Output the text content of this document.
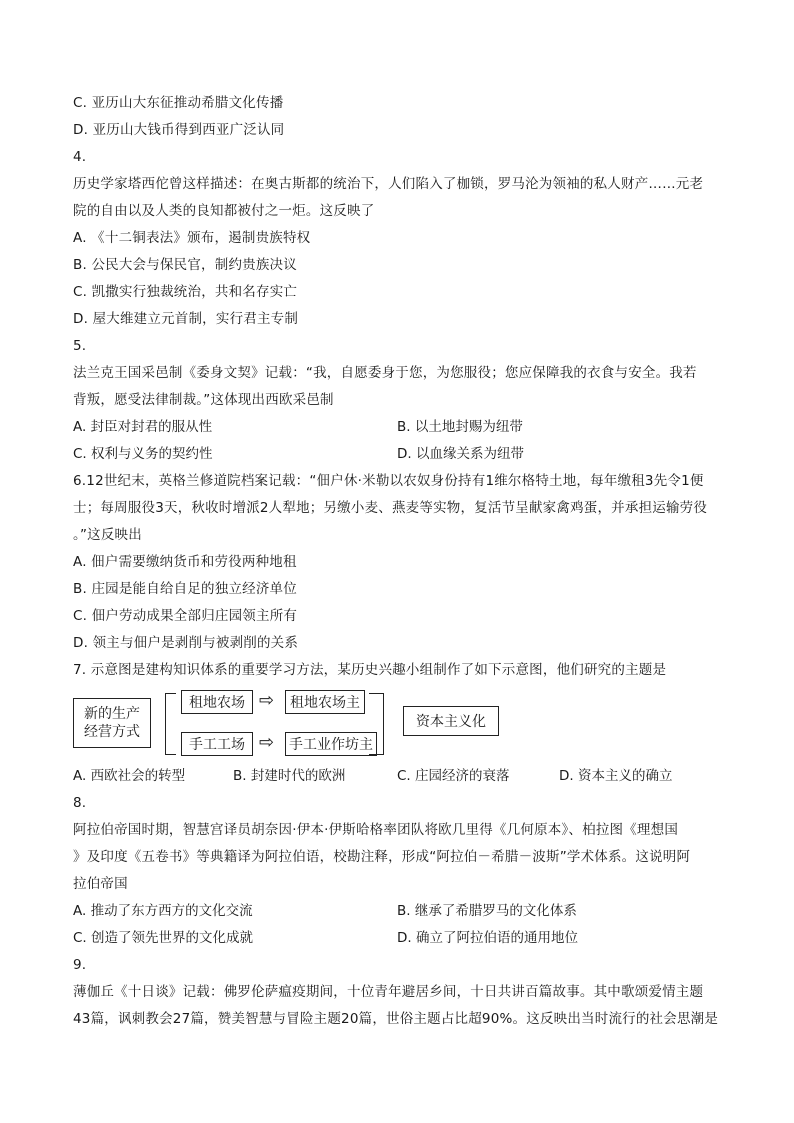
C. 亚历山大东征推动希腊文化传播
D. 亚历山大钱币得到西亚广泛认同
4.
历史学家塔西佗曾这样描述：在奥古斯都的统治下，人们陷入了枷锁，罗马沦为领袖的私人财产……元老
院的自由以及人类的良知都被付之一炬。这反映了
A. 《十二铜表法》颁布，遏制贵族特权
B. 公民大会与保民官，制约贵族决议
C. 凯撒实行独裁统治，共和名存实亡
D. 屋大维建立元首制，实行君主专制
5.
法兰克王国采邑制《委身文契》记载：“我，自愿委身于您，为您服役；您应保障我的衣食与安全。我若
背叛，愿受法律制裁。”这体现出西欧采邑制
A. 封臣对封君的服从性	B. 以土地封赐为纽带
C. 权利与义务的契约性	D. 以血缘关系为纽带
6.12世纪末，英格兰修道院档案记载：“佃户休·米勒以农奴身份持有1维尔格特土地，每年缴租3先令1便
士；每周服役3天，秋收时增派2人犁地；另缴小麦、燕麦等实物，复活节呈献家禽鸡蛋，并承担运输劳役
。”这反映出
A. 佃户需要缴纳货币和劳役两种地租
B. 庄园是能自给自足的独立经济单位
C. 佃户劳动成果全部归庄园领主所有
D. 领主与佃户是剥削与被剥削的关系
7. 示意图是建构知识体系的重要学习方法，某历史兴趣小组制作了如下示意图，他们研究的主题是
新的生产
经营方式
租地农场 ⇨	租地农场主
手工工场 ⇨ 手工业作坊主
资本主义化
A. 西欧社会的转型	B. 封建时代的欧洲	C. 庄园经济的衰落	D. 资本主义的确立
8.
阿拉伯帝国时期，智慧宫译员胡奈因·伊本·伊斯哈格率团队将欧几里得《几何原本》、柏拉图《理想国
》及印度《五卷书》等典籍译为阿拉伯语，校勘注释，形成“阿拉伯－希腊－波斯”学术体系。这说明阿
拉伯帝国
A. 推动了东方西方的文化交流	B. 继承了希腊罗马的文化体系
C. 创造了领先世界的文化成就	D. 确立了阿拉伯语的通用地位
9.
薄伽丘《十日谈》记载：佛罗伦萨瘟疫期间，十位青年避居乡间，十日共讲百篇故事。其中歌颂爱情主题
43篇，讽刺教会27篇，赞美智慧与冒险主题20篇，世俗主题占比超90%。这反映出当时流行的社会思潮是
